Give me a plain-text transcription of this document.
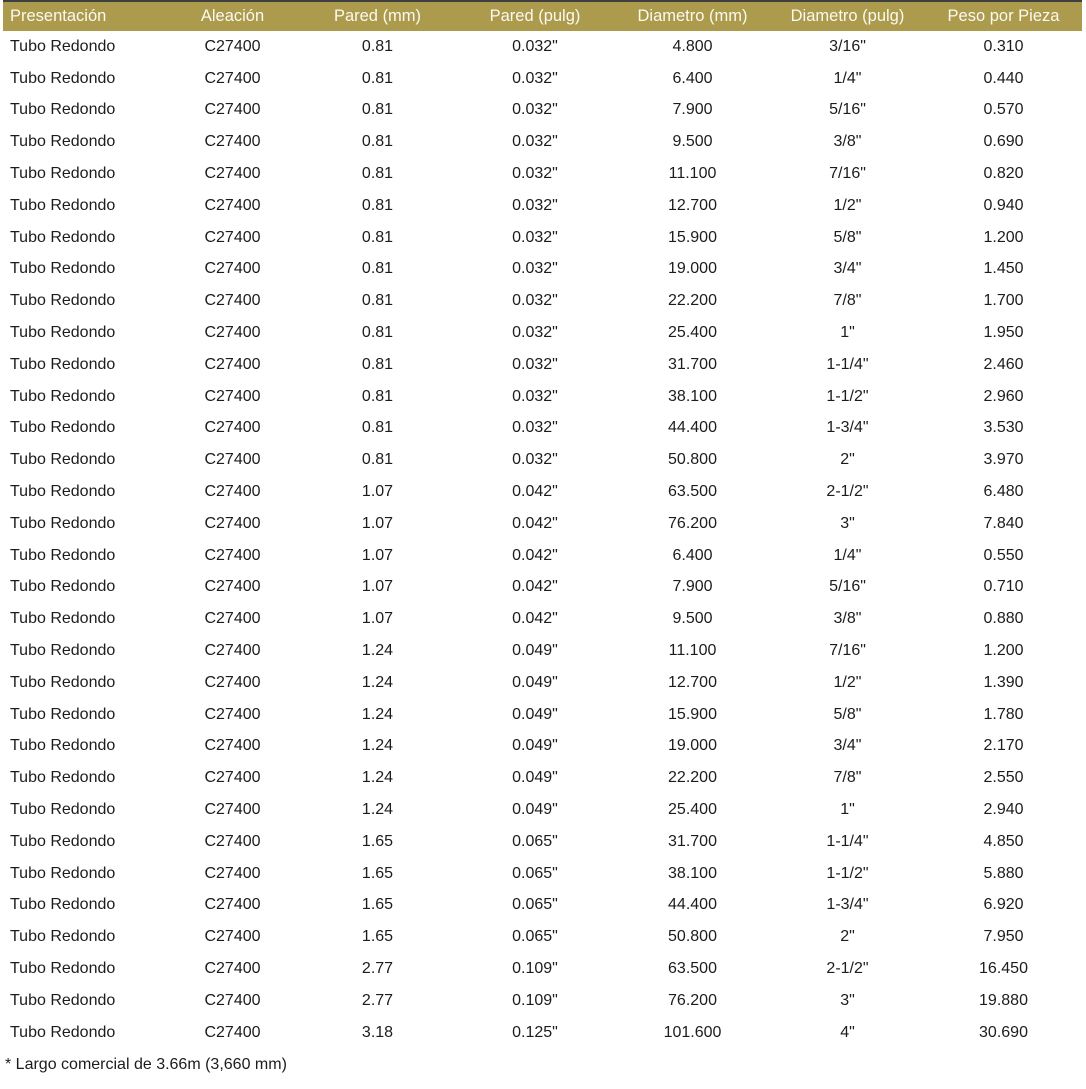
Presentación	Aleación	Pared (mm)	Pared (pulg)	Diametro (mm)	Diametro (pulg)	Peso por Pieza
Tubo Redondo	C27400	0.81	0.032"	4.800	3/16"	0.310
Tubo Redondo	C27400	0.81	0.032"	6.400	1/4"	0.440
Tubo Redondo	C27400	0.81	0.032"	7.900	5/16"	0.570
Tubo Redondo	C27400	0.81	0.032"	9.500	3/8"	0.690
Tubo Redondo	C27400	0.81	0.032"	11.100	7/16"	0.820
Tubo Redondo	C27400	0.81	0.032"	12.700	1/2"	0.940
Tubo Redondo	C27400	0.81	0.032"	15.900	5/8"	1.200
Tubo Redondo	C27400	0.81	0.032"	19.000	3/4"	1.450
Tubo Redondo	C27400	0.81	0.032"	22.200	7/8"	1.700
Tubo Redondo	C27400	0.81	0.032"	25.400	1"	1.950
Tubo Redondo	C27400	0.81	0.032"	31.700	1-1/4"	2.460
Tubo Redondo	C27400	0.81	0.032"	38.100	1-1/2"	2.960
Tubo Redondo	C27400	0.81	0.032"	44.400	1-3/4"	3.530
Tubo Redondo	C27400	0.81	0.032"	50.800	2"	3.970
Tubo Redondo	C27400	1.07	0.042"	63.500	2-1/2"	6.480
Tubo Redondo	C27400	1.07	0.042"	76.200	3"	7.840
Tubo Redondo	C27400	1.07	0.042"	6.400	1/4"	0.550
Tubo Redondo	C27400	1.07	0.042"	7.900	5/16"	0.710
Tubo Redondo	C27400	1.07	0.042"	9.500	3/8"	0.880
Tubo Redondo	C27400	1.24	0.049"	11.100	7/16"	1.200
Tubo Redondo	C27400	1.24	0.049"	12.700	1/2"	1.390
Tubo Redondo	C27400	1.24	0.049"	15.900	5/8"	1.780
Tubo Redondo	C27400	1.24	0.049"	19.000	3/4"	2.170
Tubo Redondo	C27400	1.24	0.049"	22.200	7/8"	2.550
Tubo Redondo	C27400	1.24	0.049"	25.400	1"	2.940
Tubo Redondo	C27400	1.65	0.065"	31.700	1-1/4"	4.850
Tubo Redondo	C27400	1.65	0.065"	38.100	1-1/2"	5.880
Tubo Redondo	C27400	1.65	0.065"	44.400	1-3/4"	6.920
Tubo Redondo	C27400	1.65	0.065"	50.800	2"	7.950
Tubo Redondo	C27400	2.77	0.109"	63.500	2-1/2"	16.450
Tubo Redondo	C27400	2.77	0.109"	76.200	3"	19.880
Tubo Redondo	C27400	3.18	0.125"	101.600	4"	30.690
* Largo comercial de 3.66m (3,660 mm)
